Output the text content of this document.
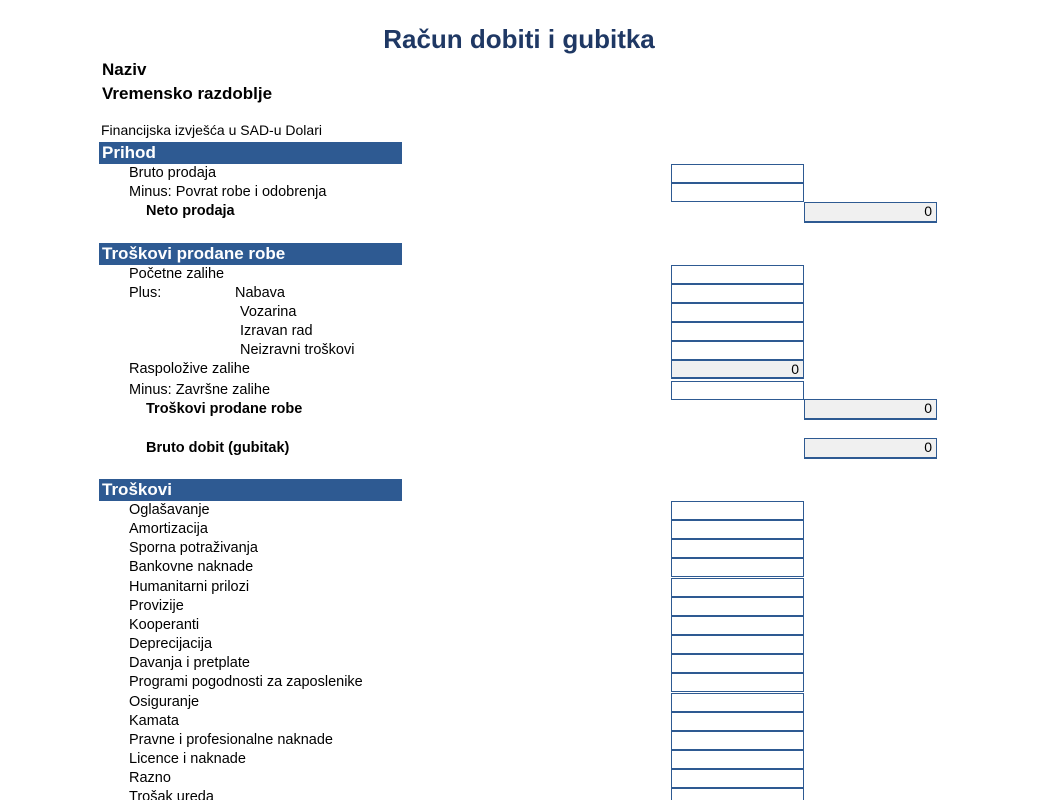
Račun dobiti i gubitka
Naziv
Vremensko razdoblje
Financijska izvješća u SAD-u Dolari
Prihod
Bruto prodaja
Minus: Povrat robe i odobrenja
Neto prodaja	0
Troškovi prodane robe
Početne zalihe
Plus:	Nabava
Vozarina
Izravan rad
Neizravni troškovi
Raspoložive zalihe	0
Minus: Završne zalihe
Troškovi prodane robe	0
Bruto dobit (gubitak)	0
Troškovi
Oglašavanje
Amortizacija
Sporna potraživanja
Bankovne naknade
Humanitarni prilozi
Provizije
Kooperanti
Deprecijacija
Davanja i pretplate
Programi pogodnosti za zaposlenike
Osiguranje
Kamata
Pravne i profesionalne naknade
Licence i naknade
Razno
Trošak ureda
